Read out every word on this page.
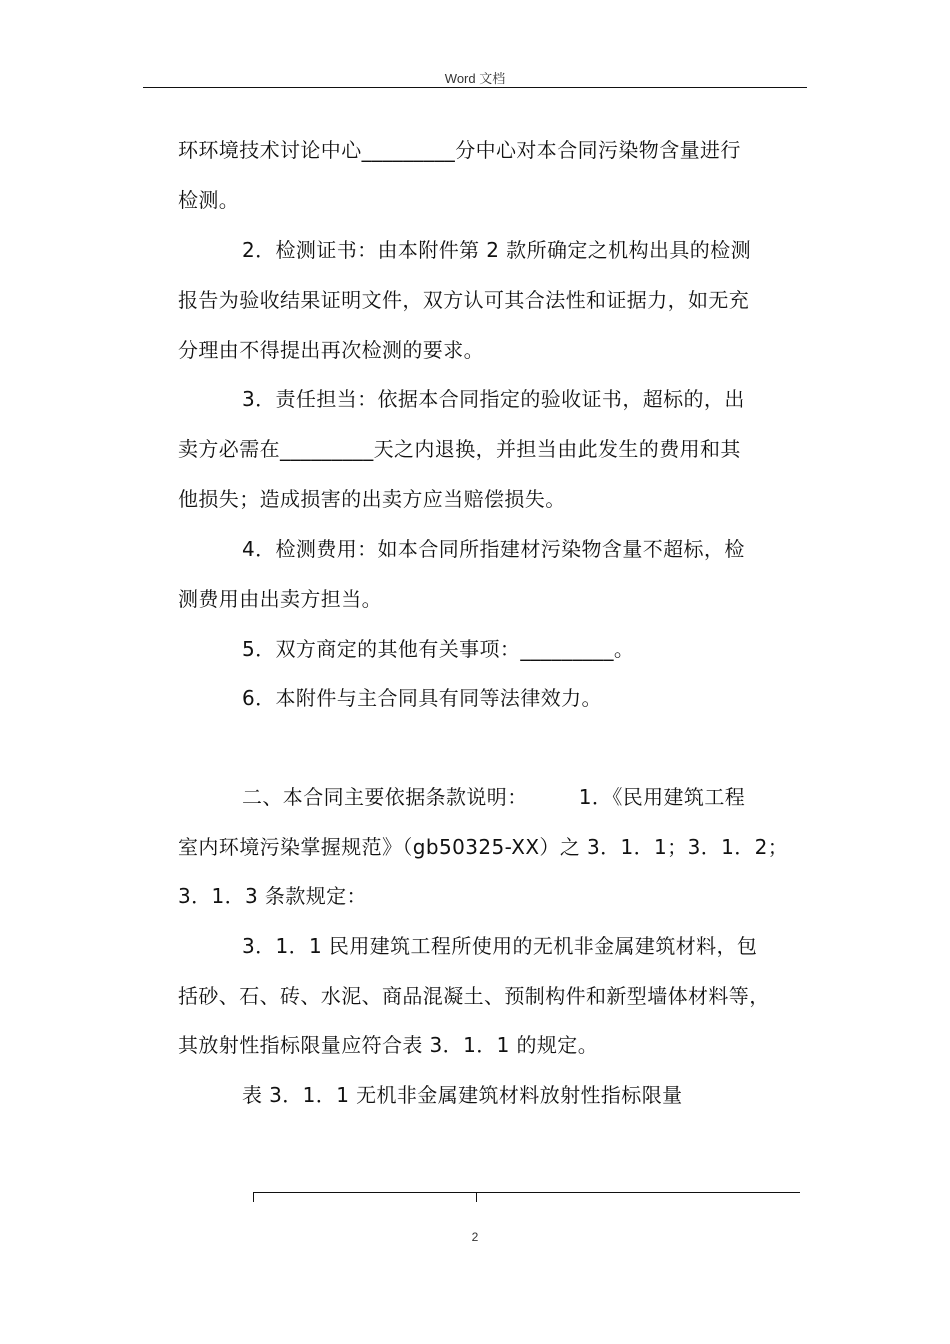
Word 文档
环环境技术讨论中心_________分中心对本合同污染物含量进行
检测。
2．检测证书：由本附件第 2 款所确定之机构出具的检测
报告为验收结果证明文件，双方认可其合法性和证据力，如无充
分理由不得提出再次检测的要求。
3．责任担当：依据本合同指定的验收证书，超标的，出
卖方必需在_________天之内退换，并担当由此发生的费用和其
他损失；造成损害的出卖方应当赔偿损失。
4．检测费用：如本合同所指建材污染物含量不超标，检
测费用由出卖方担当。
5．双方商定的其他有关事项：_________。
6．本附件与主合同具有同等法律效力。
二、本合同主要依据条款说明：　　　1．《民用建筑工程
室内环境污染掌握规范》（gb50325-XX）之 3．1．1；3．1．2；
3．1．3 条款规定：
3．1．1 民用建筑工程所使用的无机非金属建筑材料，包
括砂、石、砖、水泥、商品混凝土、预制构件和新型墙体材料等，
其放射性指标限量应符合表 3．1．1 的规定。
表 3．1．1 无机非金属建筑材料放射性指标限量
2
